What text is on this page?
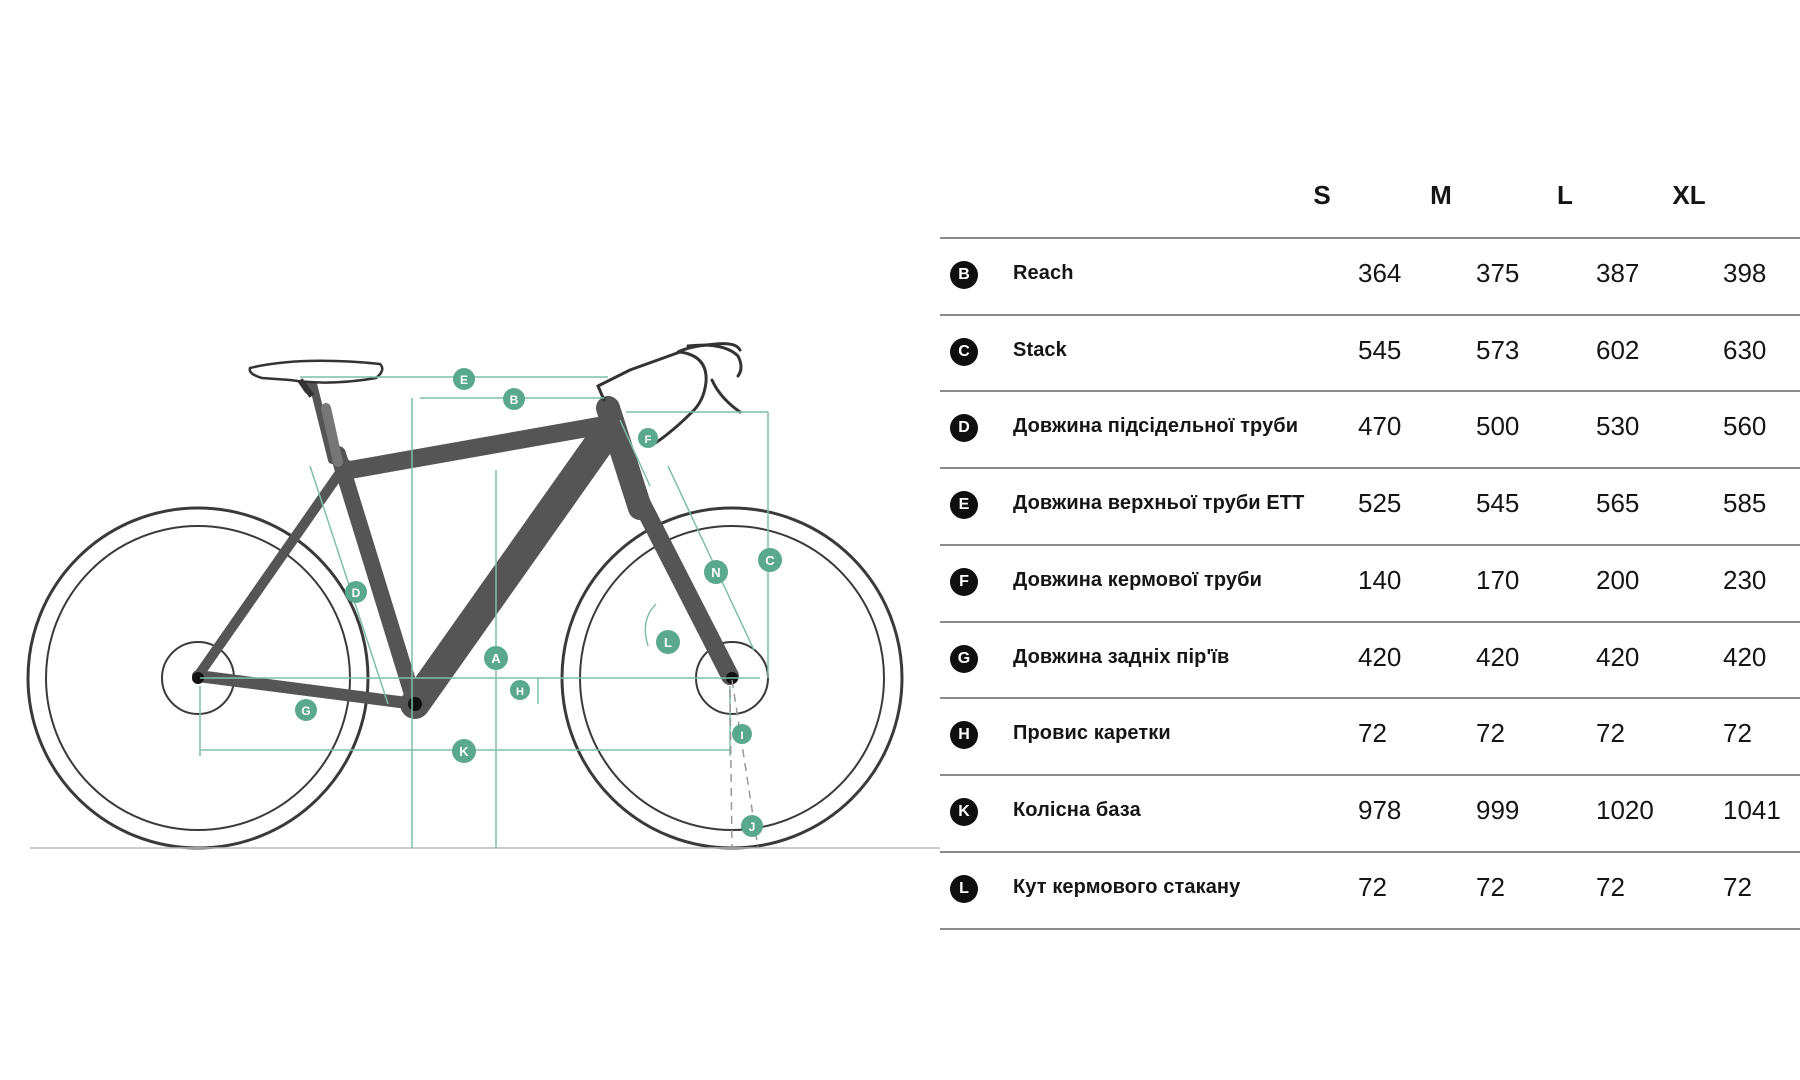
E
B
F
C
N
D
L
A
H
G
K
I
J
S	M	L	XL
B	Reach	364	375	387	398
C	Stack	545	573	602	630
D	Довжина підсідельної труби 470	500	530	560
E	Довжина верхньої труби ETT 525	545	565	585
F	Довжина кермової труби	140	170	200	230
G	Довжина задніх пір'їв	420	420	420	420
H	Провис каретки	72	72	72	72
K	Колісна база	978	999	1020	1041
L	Кут кермового стакану	72	72	72	72
